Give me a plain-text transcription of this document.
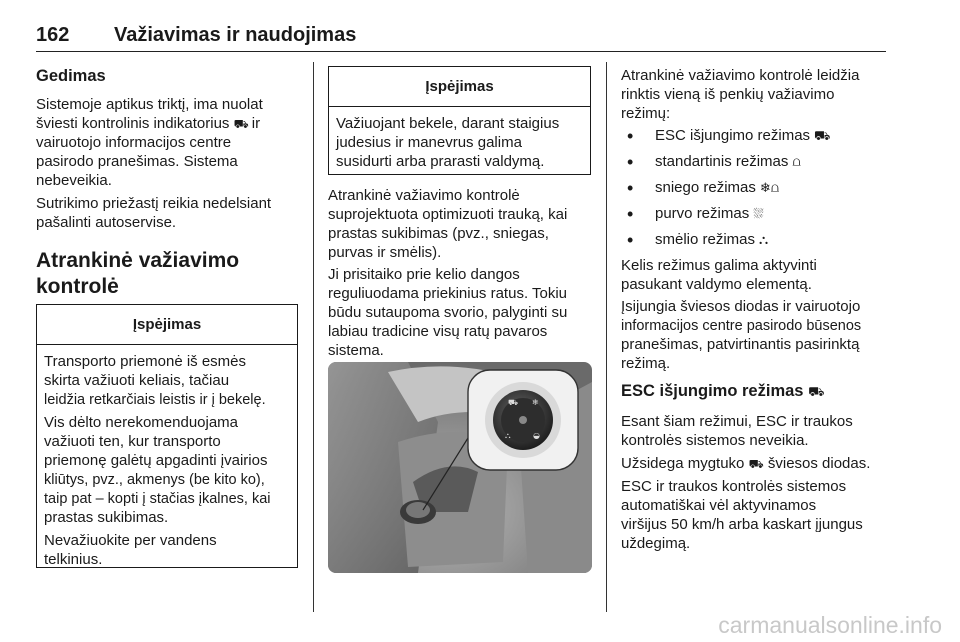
162 Važiavimas ir naudojimas
Gedimas
Sistemoje aptikus triktį, ima nuolat
šviesti kontrolinis indikatorius ⛟ ir
vairuotojo informacijos centre
pasirodo pranešimas. Sistema
nebeveikia.
Sutrikimo priežastį reikia nedelsiant
pašalinti autoservise.
Atrankinė važiavimo
kontrolė
Įspėjimas
Transporto priemonė iš esmės
skirta važiuoti keliais, tačiau
leidžia retkarčiais leistis ir į bekelę.
Vis dėlto nerekomenduojama
važiuoti ten, kur transporto
priemonę galėtų apgadinti įvairios
kliūtys, pvz., akmenys (be kito ko),
taip pat – kopti į stačias įkalnes, kai
prastas sukibimas.
Nevažiuokite per vandens
telkinius.
Įspėjimas
Važiuojant bekele, darant staigius
judesius ir manevrus galima
susidurti arba prarasti valdymą.
Atrankinė važiavimo kontrolė
suprojektuota optimizuoti trauką, kai
prastas sukibimas (pvz., sniegas,
purvas ir smėlis).
Ji prisitaiko prie kelio dangos
reguliuodama priekinius ratus. Tokiu
būdu sutaupoma svorio, palyginti su
labiau tradicine visų ratų pavaros
sistema.
⛟ ❄
⛬	◒
Atrankinė važiavimo kontrolė leidžia
rinktis vieną iš penkių važiavimo
režimų:
• ESC išjungimo režimas ⛟
• standartinis režimas ⩍
• sniego režimas ❄⩍
• purvo režimas ⛆
• smėlio režimas ⛬
Kelis režimus galima aktyvinti
pasukant valdymo elementą.
Įsijungia šviesos diodas ir vairuotojo
informacijos centre pasirodo būsenos
pranešimas, patvirtinantis pasirinktą
režimą.
ESC išjungimo režimas ⛟
Esant šiam režimui, ESC ir traukos
kontrolės sistemos neveikia.
Užsidega mygtuko ⛟ šviesos diodas.
ESC ir traukos kontrolės sistemos
automatiškai vėl aktyvinamos
viršijus 50 km/h arba kaskart įjungus
uždegimą.
carmanualsonline.info
